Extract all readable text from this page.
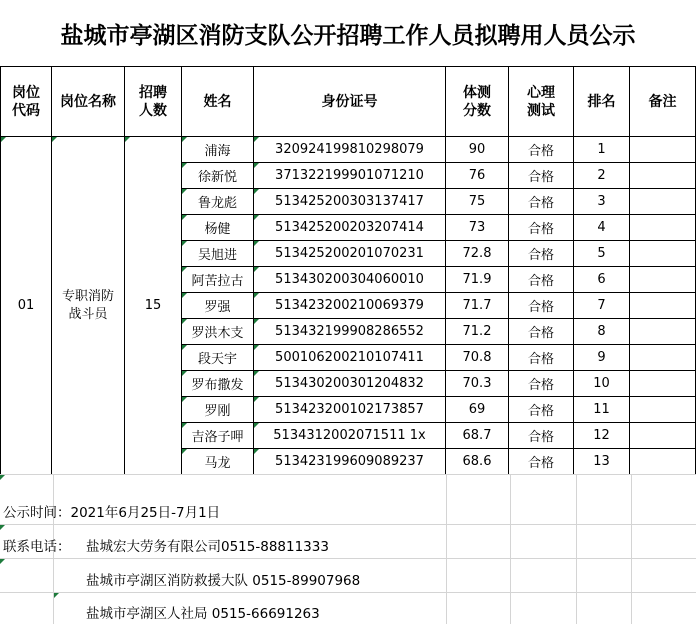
盐城市亭湖区消防支队公开招聘工作人员拟聘用人员公示
岗位代码	岗位名称	招聘人数	姓名	身份证号	体测分数	心理测试	排名	备注

01	专职消防战斗员	15	浦海	320924199810298079	90	合格	1	
			徐新悦	371322199901071210	76	合格	2	
			鲁龙彪	513425200303137417	75	合格	3	
			杨健	513425200203207414	73	合格	4	
			吴旭进	513425200201070231	72.8	合格	5	
			阿苦拉古	513430200304060010	71.9	合格	6	
			罗强	513423200210069379	71.7	合格	7	
			罗洪木支	513432199908286552	71.2	合格	8	
			段天宇	500106200210107411	70.8	合格	9	
			罗布撒发	513430200301204832	70.3	合格	10	
			罗刚	513423200102173857	69	合格	11	
			吉洛子呷	5134312002071511 1x	68.7	合格	12	
			马龙	513423199609089237	68.6	合格	13	
公示时间：2021年6月25日-7月1日
联系电话： 盐城宏大劳务有限公司0515-88811333
盐城市亭湖区消防救援大队 0515-89907968
盐城市亭湖区人社局 0515-66691263
